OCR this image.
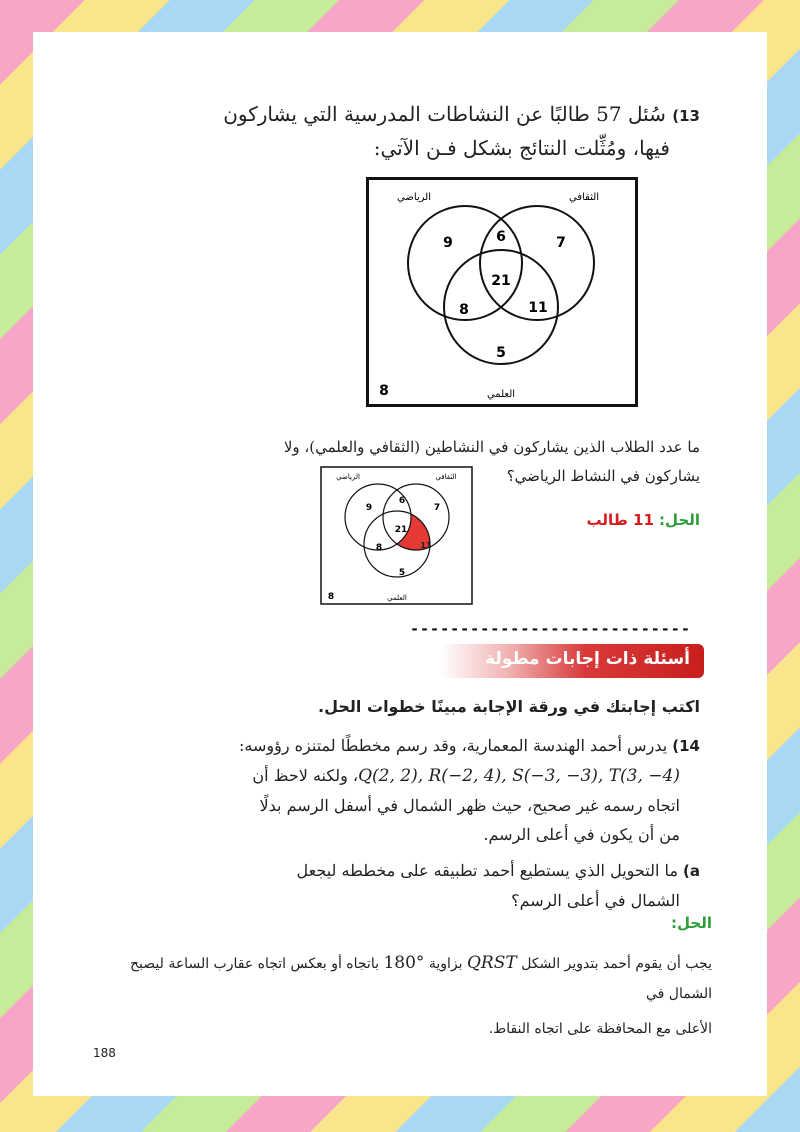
13) سُئل 57 طالبًا عن النشاطات المدرسية التي يشاركون
فيها، ومُثِّلت النتائج بشكل فـن الآتي:
الرياضي	الثقافي
العلمي
9	6	7
21
8	11
5
8
ما عدد الطلاب الذين يشاركون في النشاطين (الثقافي والعلمي)، ولا
يشاركون في النشاط الرياضي؟
الرياضي	الثقافي
العلمي
9
6
7
21
8	11
5
8
الحل: 11 طالب
----------------------------
أسئلة ذات إجابات مطولة
اكتب إجابتك في ورقة الإجابة مبينًا خطوات الحل.
14) يدرس أحمد الهندسة المعمارية، وقد رسم مخططًا لمتنزه رؤوسه:
Q(2, 2), R(−2, 4), S(−3, −3), T(3, −4)، ولكنه لاحظ أن
اتجاه رسمه غير صحيح، حيث ظهر الشمال في أسفل الرسم بدلًا
من أن يكون في أعلى الرسم.
a) ما التحويل الذي يستطيع أحمد تطبيقه على مخططه ليجعل
الشمال في أعلى الرسم؟
الحل:
يجب أن يقوم أحمد بتدوير الشكل QRST بزاوية 180° باتجاه أو بعكس اتجاه عقارب الساعة ليصبح الشمال في
الأعلى مع المحافظة على اتجاه النقاط.
188
